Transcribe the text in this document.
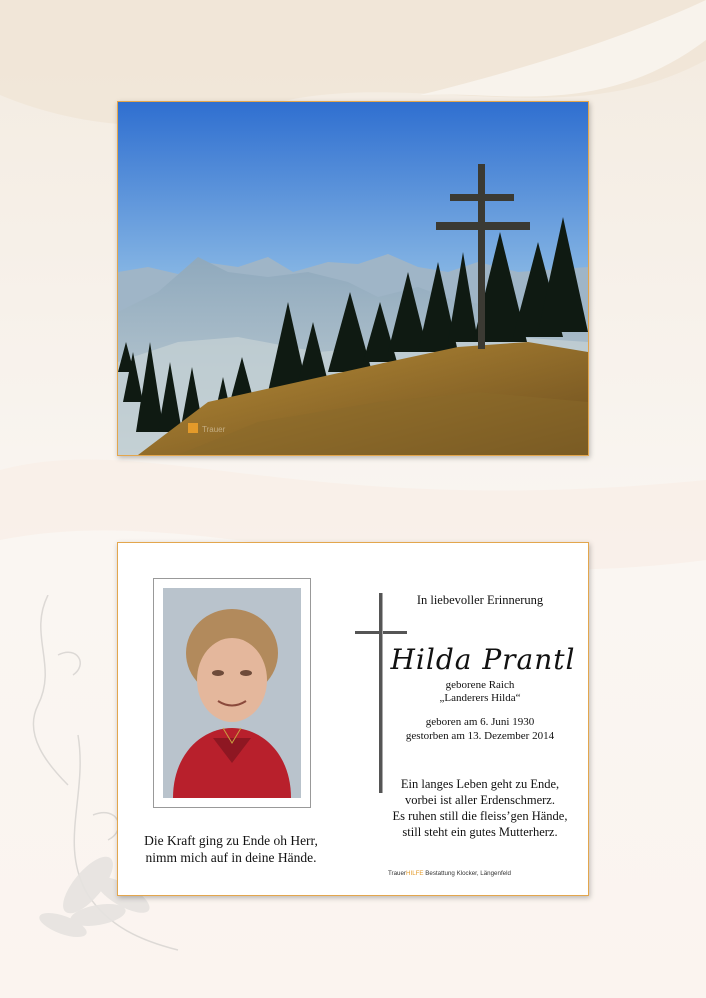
Trauer
In liebevoller Erinnerung
Hilda Prantl
geborene Raich
„Landerers Hilda“
geboren am 6. Juni 1930
gestorben am 13. Dezember 2014
Ein langes Leben geht zu Ende,
vorbei ist aller Erdenschmerz.
Es ruhen still die fleiss’gen Hände,
still steht ein gutes Mutterherz.
Die Kraft ging zu Ende oh Herr,
nimm mich auf in deine Hände.
TrauerHILFE Bestattung Klocker, Längenfeld
